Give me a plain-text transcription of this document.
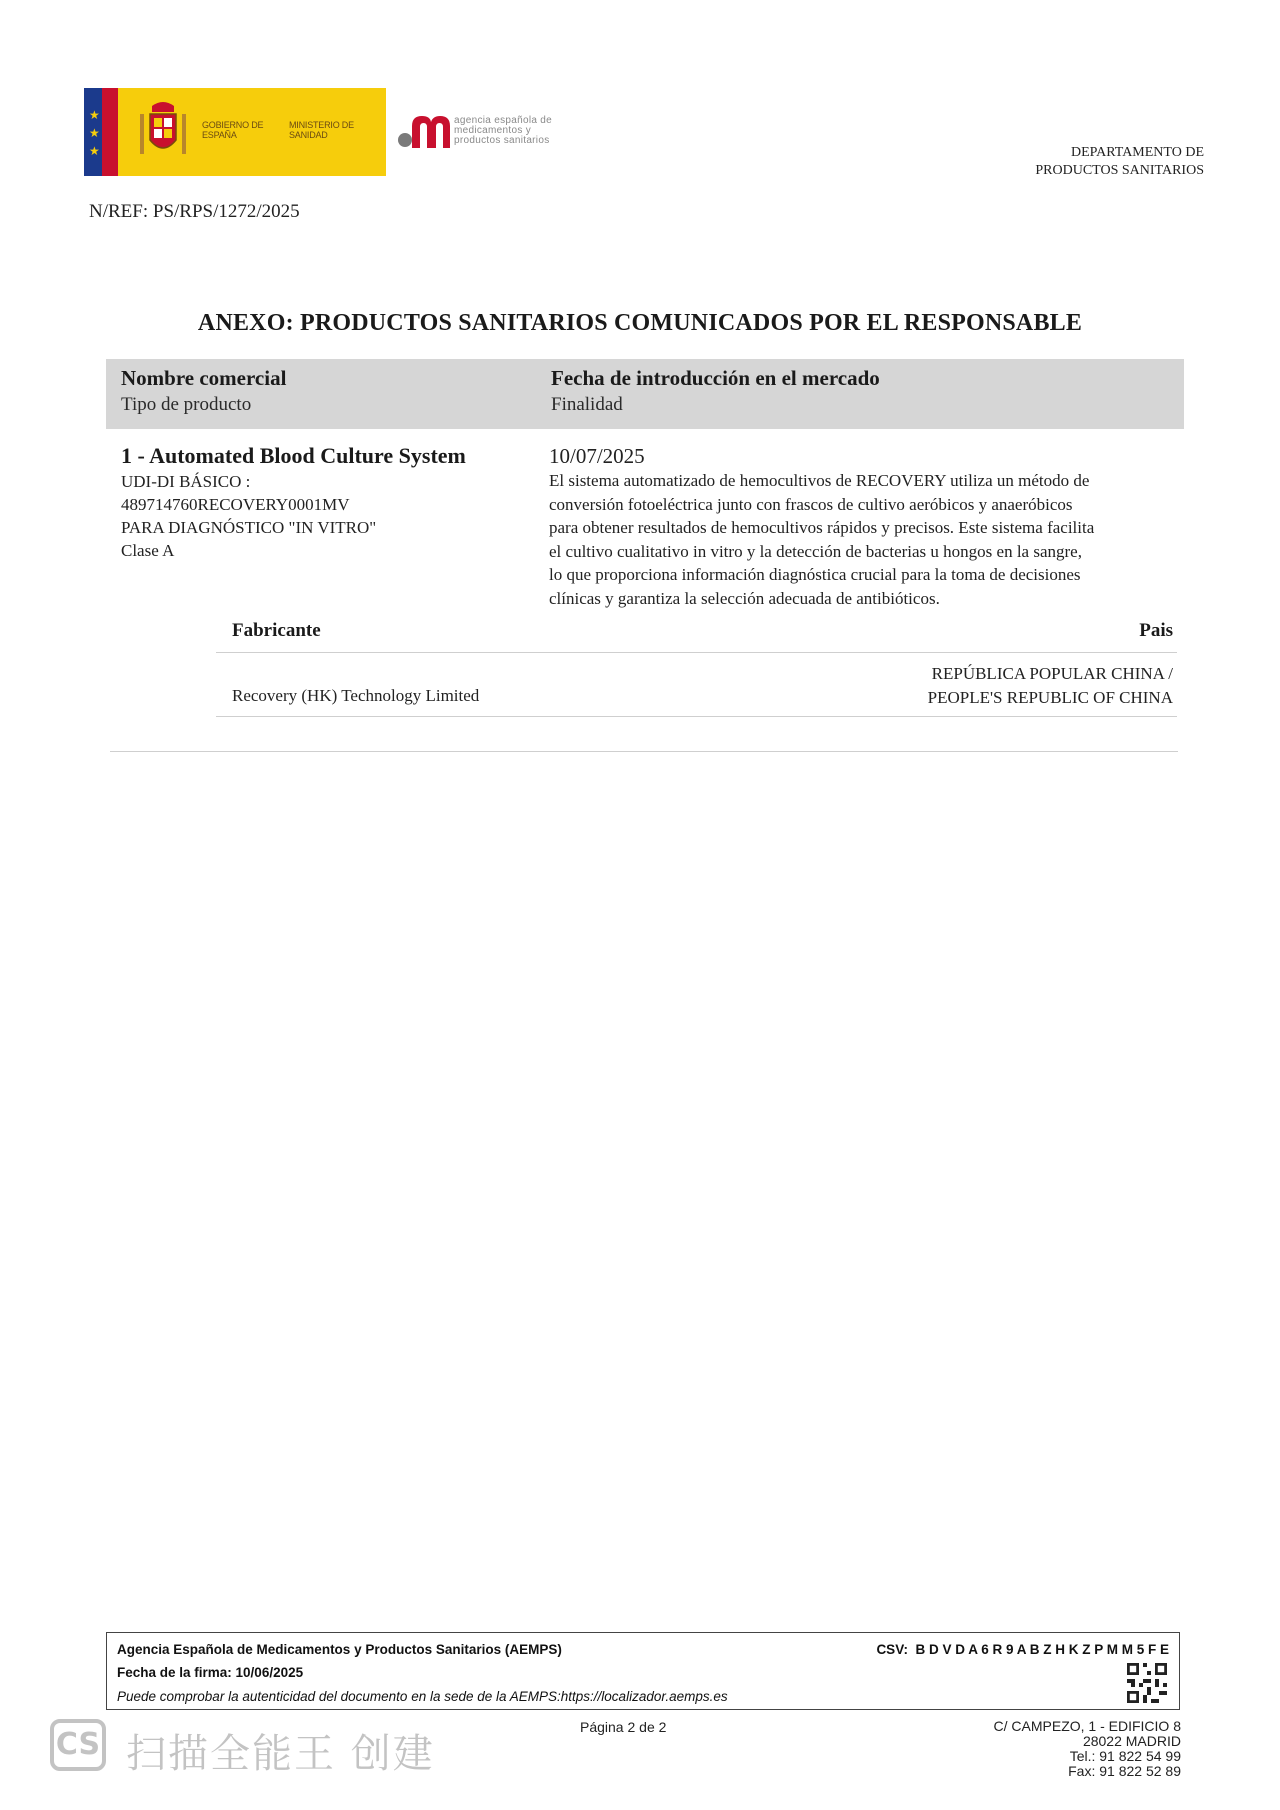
★
★
★
GOBIERNO DE ESPAÑA
MINISTERIO DE SANIDAD
agencia española de
medicamentos y
productos sanitarios
DEPARTAMENTO DE
PRODUCTOS SANITARIOS
N/REF: PS/RPS/1272/2025
ANEXO: PRODUCTOS SANITARIOS COMUNICADOS POR EL RESPONSABLE
Nombre comercial
Tipo de producto
Fecha de introducción en el mercado
Finalidad
1 - Automated Blood Culture System
UDI-DI BÁSICO :
489714760RECOVERY0001MV
PARA DIAGNÓSTICO "IN VITRO"
Clase A
10/07/2025
El sistema automatizado de hemocultivos de RECOVERY utiliza un método de
conversión fotoeléctrica junto con frascos de cultivo aeróbicos y anaeróbicos
para obtener resultados de hemocultivos rápidos y precisos. Este sistema facilita
el cultivo cualitativo in vitro y la detección de bacterias u hongos en la sangre,
lo que proporciona información diagnóstica crucial para la toma de decisiones
clínicas y garantiza la selección adecuada de antibióticos.
Fabricante	Pais
Recovery (HK) Technology Limited
REPÚBLICA POPULAR CHINA /
PEOPLE'S REPUBLIC OF CHINA
Agencia Española de Medicamentos y Productos Sanitarios (AEMPS)
Fecha de la firma: 10/06/2025
Puede comprobar la autenticidad del documento en la sede de la AEMPS:https://localizador.aemps.es
CSV: B D V D A 6 R 9 A B Z H K Z P M M 5 F E
Página 2 de 2	C/ CAMPEZO, 1 - EDIFICIO 8
28022 MADRID
Tel.: 91 822 54 99
Fax: 91 822 52 89
CS 扫描全能王 创建
